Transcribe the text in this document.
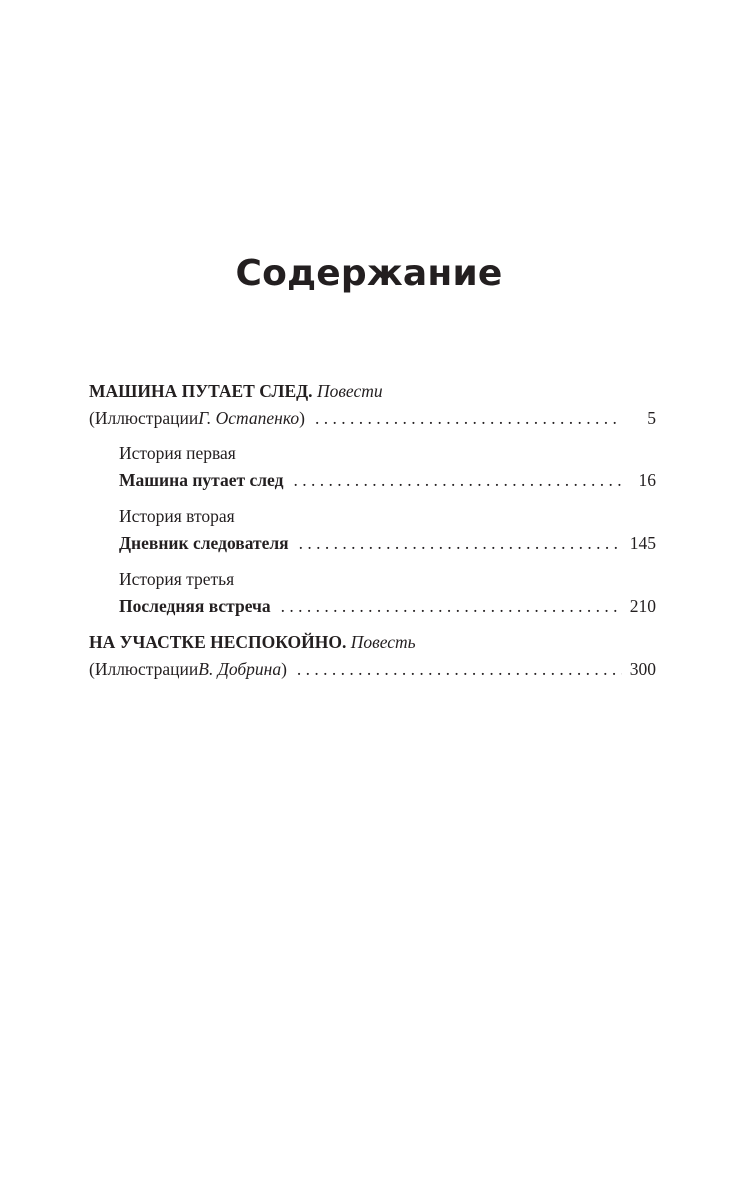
Содержание
МАШИНА ПУТАЕТ СЛЕД.
Повести
(Иллюстрации Г. Остапенко ) . . .	5
История первая
Машина путает след . . .	16
История вторая
Дневник следователя . . .	145
История третья
Последняя встреча . . .	210
НА УЧАСТКЕ НЕСПОКОЙНО.
Повесть
(Иллюстрации В. Добрина ) . . .	300
